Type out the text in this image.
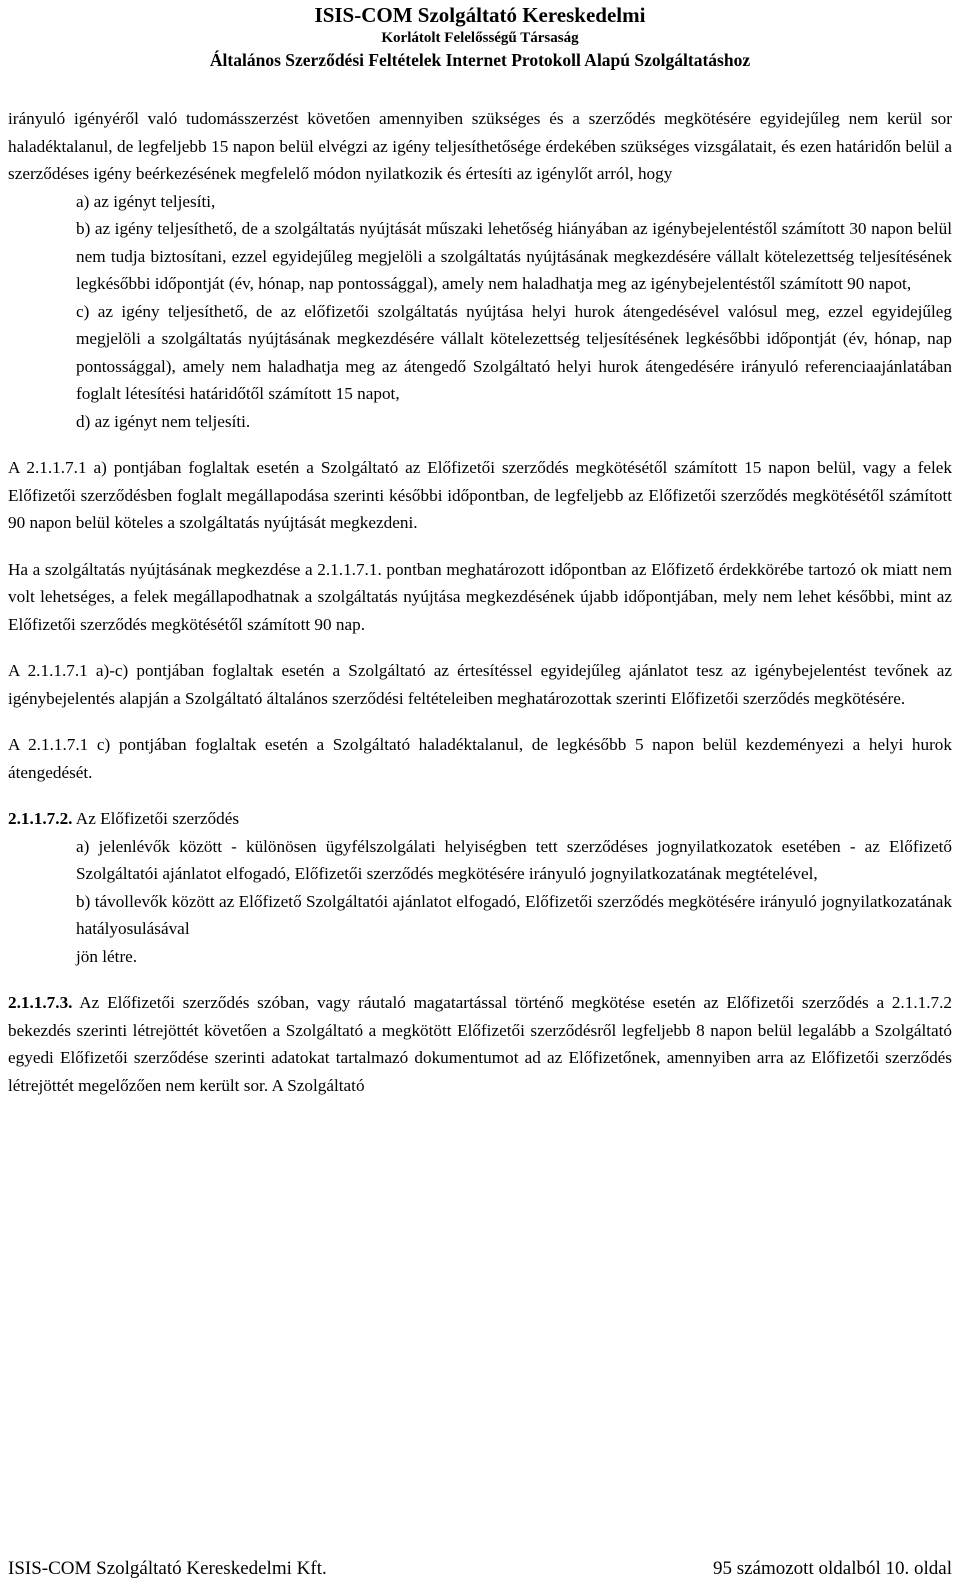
ISIS-COM Szolgáltató Kereskedelmi

Korlátolt Felelősségű Társaság

Általános Szerződési Feltételek Internet Protokoll Alapú Szolgáltatáshoz

irányuló igényéről való tudomásszerzést követően amennyiben szükséges és a szerződés megkötésére egyidejűleg nem kerül sor haladéktalanul, de legfeljebb 15 napon belül elvégzi az igény teljesíthetősége érdekében szükséges vizsgálatait, és ezen határidőn belül a szerződéses igény beérkezésének megfelelő módon nyilatkozik és értesíti az igénylőt arról, hogy

a) az igényt teljesíti,

b) az igény teljesíthető, de a szolgáltatás nyújtását műszaki lehetőség hiányában az igénybejelentéstől számított 30 napon belül nem tudja biztosítani, ezzel egyidejűleg megjelöli a szolgáltatás nyújtásának megkezdésére vállalt kötelezettség teljesítésének legkésőbbi időpontját (év, hónap, nap pontossággal), amely nem haladhatja meg az igénybejelentéstől számított 90 napot,

c) az igény teljesíthető, de az előfizetői szolgáltatás nyújtása helyi hurok átengedésével valósul meg, ezzel egyidejűleg megjelöli a szolgáltatás nyújtásának megkezdésére vállalt kötelezettség teljesítésének legkésőbbi időpontját (év, hónap, nap pontossággal), amely nem haladhatja meg az átengedő Szolgáltató helyi hurok átengedésére irányuló referenciaajánlatában foglalt létesítési határidőtől számított 15 napot,

d) az igényt nem teljesíti.

A 2.1.1.7.1 a) pontjában foglaltak esetén a Szolgáltató az Előfizetői szerződés megkötésétől számított 15 napon belül, vagy a felek Előfizetői szerződésben foglalt megállapodása szerinti későbbi időpontban, de legfeljebb az Előfizetői szerződés megkötésétől számított 90 napon belül köteles a szolgáltatás nyújtását megkezdeni.

Ha a szolgáltatás nyújtásának megkezdése a 2.1.1.7.1. pontban meghatározott időpontban az Előfizető érdekkörébe tartozó ok miatt nem volt lehetséges, a felek megállapodhatnak a szolgáltatás nyújtása megkezdésének újabb időpontjában, mely nem lehet későbbi, mint az Előfizetői szerződés megkötésétől számított 90 nap.

A 2.1.1.7.1 a)-c) pontjában foglaltak esetén a Szolgáltató az értesítéssel egyidejűleg ajánlatot tesz az igénybejelentést tevőnek az igénybejelentés alapján a Szolgáltató általános szerződési feltételeiben meghatározottak szerinti Előfizetői szerződés megkötésére.

A 2.1.1.7.1 c) pontjában foglaltak esetén a Szolgáltató haladéktalanul, de legkésőbb 5 napon belül kezdeményezi a helyi hurok átengedését.

2.1.1.7.2. Az Előfizetői szerződés

a) jelenlévők között - különösen ügyfélszolgálati helyiségben tett szerződéses jognyilatkozatok esetében - az Előfizető Szolgáltatói ajánlatot elfogadó, Előfizetői szerződés megkötésére irányuló jognyilatkozatának megtételével,

b) távollevők között az Előfizető Szolgáltatói ajánlatot elfogadó, Előfizetői szerződés megkötésére irányuló jognyilatkozatának hatályosulásával

jön létre.

2.1.1.7.3. Az Előfizetői szerződés szóban, vagy ráutaló magatartással történő megkötése esetén az Előfizetői szerződés a 2.1.1.7.2 bekezdés szerinti létrejöttét követően a Szolgáltató a megkötött Előfizetői szerződésről legfeljebb 8 napon belül legalább a Szolgáltató egyedi Előfizetői szerződése szerinti adatokat tartalmazó dokumentumot ad az Előfizetőnek, amennyiben arra az Előfizetői szerződés létrejöttét megelőzően nem került sor. A Szolgáltató

ISIS-COM Szolgáltató Kereskedelmi Kft.	95 számozott oldalból 10. oldal
